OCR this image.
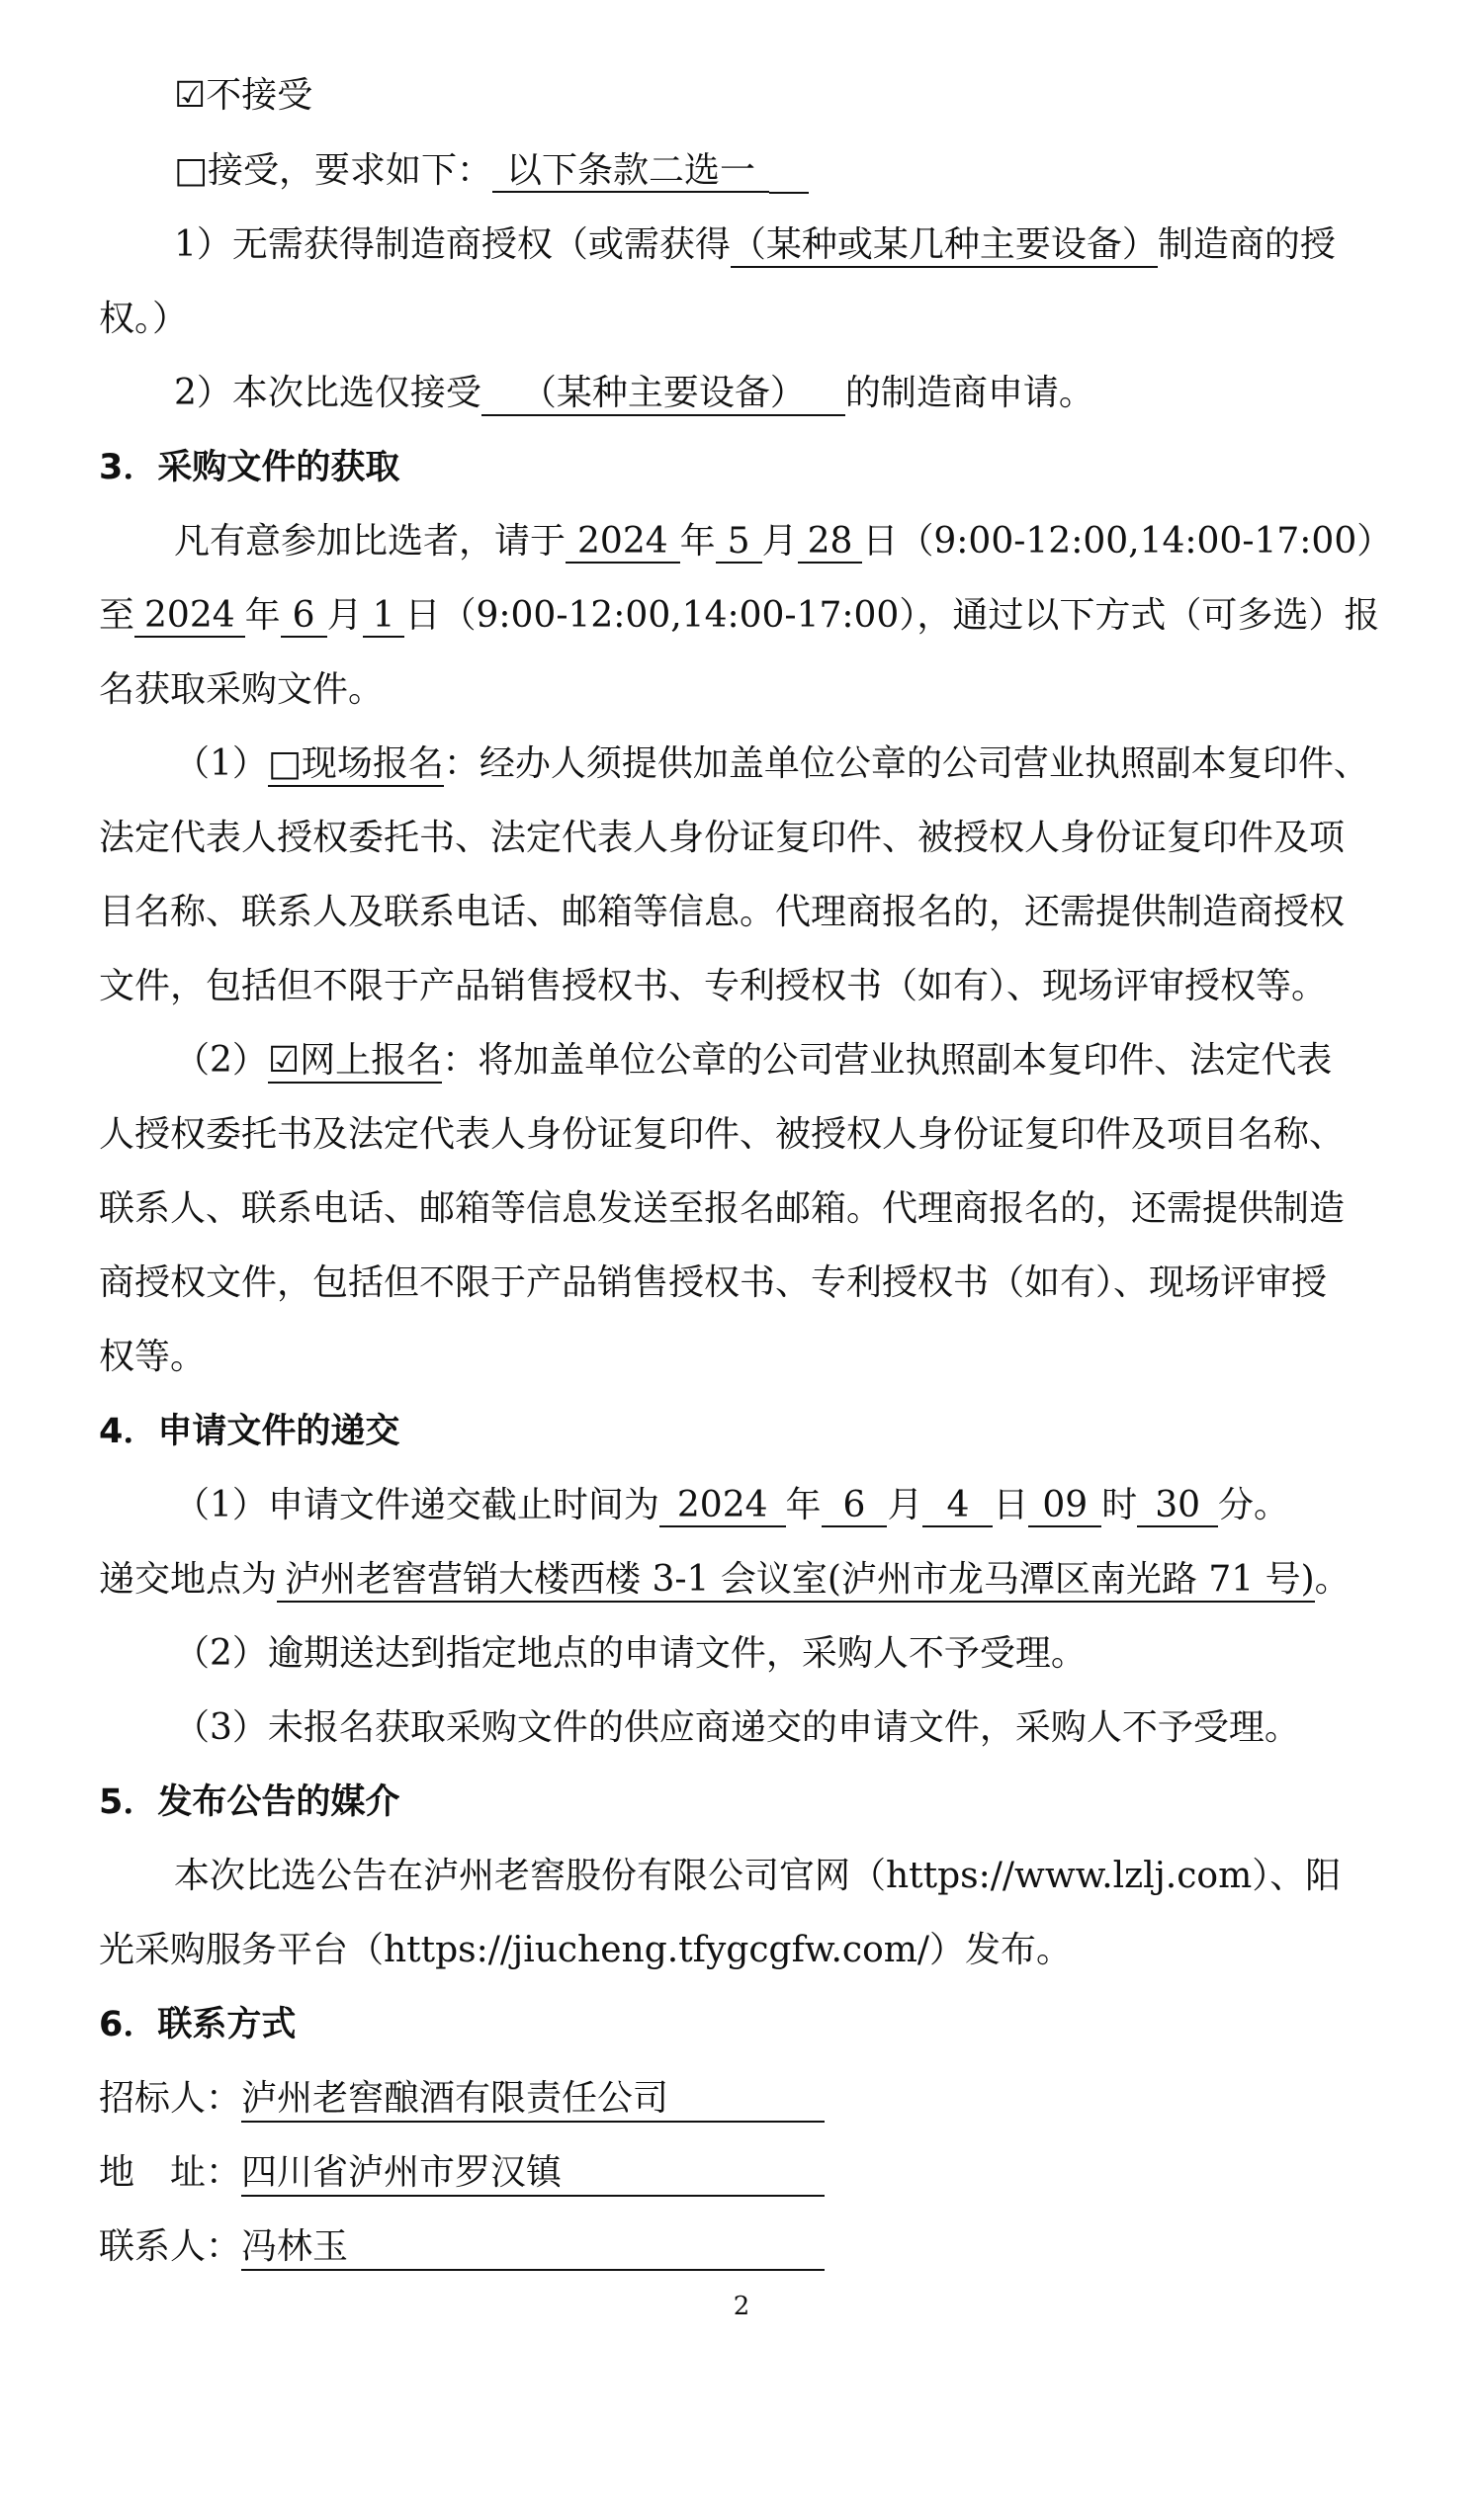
☑不接受
□接受，要求如下： 以下条款二选一
1）无需获得制造商授权（或需获得（某种或某几种主要设备）制造商的授
权。）
2）本次比选仅接受 （某种主要设备） 的制造商申请。
3．采购文件的获取
凡有意参加比选者，请于 2024 年 5 月 28 日（9:00-12:00,14:00-17:00）
至 2024 年 6 月 1 日（9:00-12:00,14:00-17:00），通过以下方式（可多选）报
名获取采购文件。
（1）□现场报名：经办人须提供加盖单位公章的公司营业执照副本复印件、
法定代表人授权委托书、法定代表人身份证复印件、被授权人身份证复印件及项
目名称、联系人及联系电话、邮箱等信息。代理商报名的，还需提供制造商授权
文件，包括但不限于产品销售授权书、专利授权书（如有）、现场评审授权等。
（2）☑网上报名：将加盖单位公章的公司营业执照副本复印件、法定代表
人授权委托书及法定代表人身份证复印件、被授权人身份证复印件及项目名称、
联系人、联系电话、邮箱等信息发送至报名邮箱。代理商报名的，还需提供制造
商授权文件，包括但不限于产品销售授权书、专利授权书（如有）、现场评审授
权等。
4．申请文件的递交
（1）申请文件递交截止时间为 2024 年 6 月 4 日 09 时 30 分。
递交地点为 泸州老窖营销大楼西楼 3-1 会议室(泸州市龙马潭区南光路 71 号)。
（2）逾期送达到指定地点的申请文件，采购人不予受理。
（3）未报名获取采购文件的供应商递交的申请文件，采购人不予受理。
5．发布公告的媒介
本次比选公告在泸州老窖股份有限公司官网（https://www.lzlj.com）、阳
光采购服务平台（https://jiucheng.tfygcgfw.com/）发布。
6．联系方式
招标人：泸州老窖酿酒有限责任公司
地　址：四川省泸州市罗汉镇
联系人：冯林玉
2
